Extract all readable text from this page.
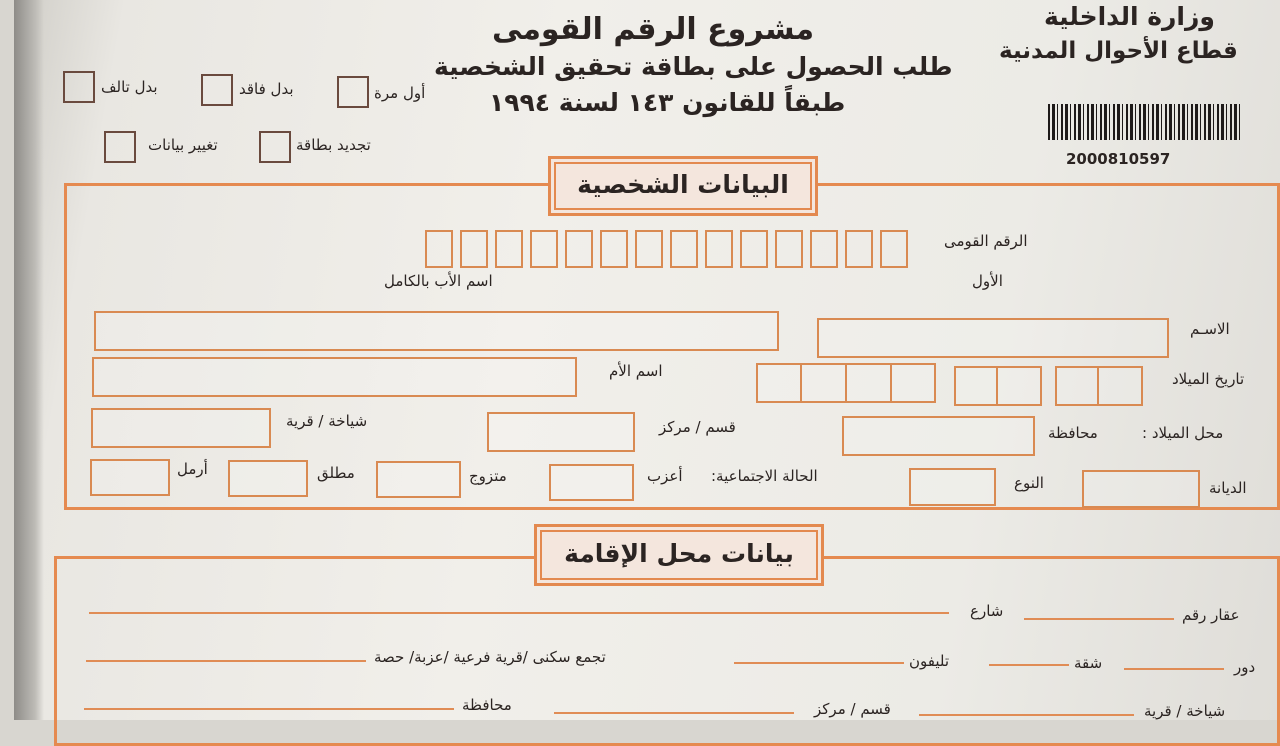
وزارة الداخلية
قطاع الأحوال المدنية
مشروع الرقم القومى
طلب الحصول على بطاقة تحقيق الشخصية
طبقاً للقانون ١٤٣ لسنة ١٩٩٤
2000810597
أول مرة
بدل فاقد
بدل تالف
تجديد بطاقة
تغيير بيانات
البيانات الشخصية
الرقم القومى
الأول
اسم الأب بالكامل
الاسـم
تاريخ الميلاد
اسم الأم
محل الميلاد :
محافظة
قسم / مركز
شياخة / قرية
الديانة
النوع
الحالة الاجتماعية:
أعزب
متزوج
مطلق
أرمل
بيانات محل الإقامة
عقار رقم
شارع
دور
شقة
تليفون
تجمع سكنى /قرية فرعية /عزبة/ حصة
شياخة / قرية
قسم / مركز
محافظة
